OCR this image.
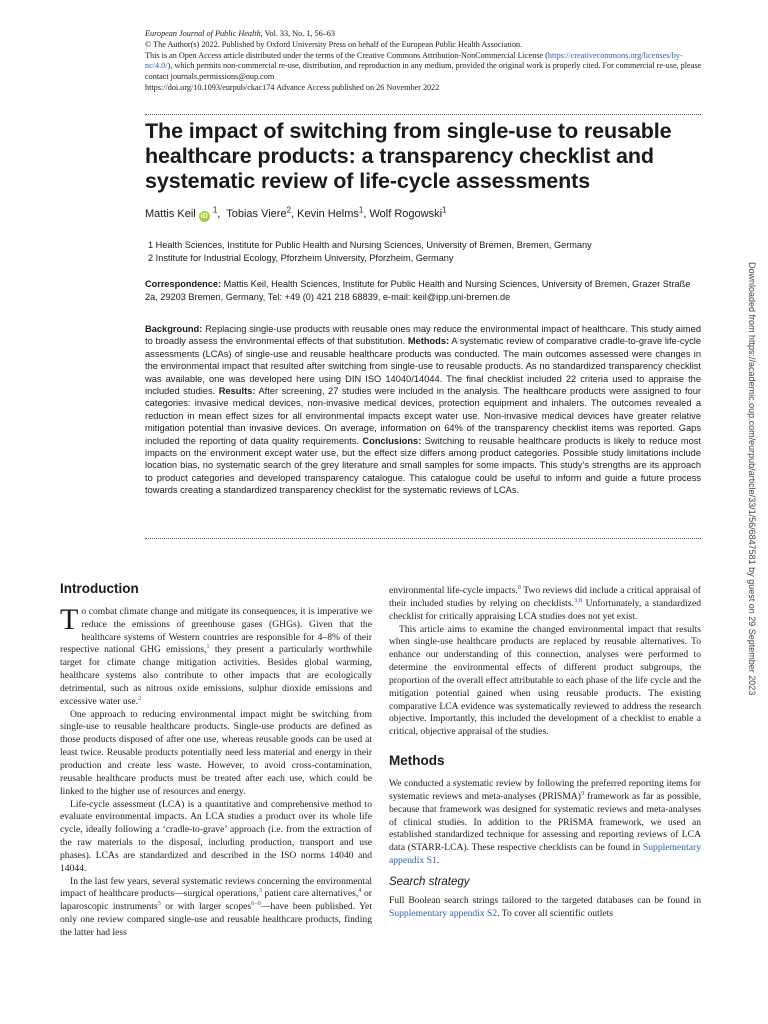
European Journal of Public Health, Vol. 33, No. 1, 56–63
© The Author(s) 2022. Published by Oxford University Press on behalf of the European Public Health Association.
This is an Open Access article distributed under the terms of the Creative Commons Attribution-NonCommercial License (https://creativecommons.org/licenses/by-nc/4.0/), which permits non-commercial re-use, distribution, and reproduction in any medium, provided the original work is properly cited. For commercial re-use, please contact journals.permissions@oup.com
https://doi.org/10.1093/eurpub/ckac174 Advance Access published on 26 November 2022
The impact of switching from single-use to reusable healthcare products: a transparency checklist and systematic review of life-cycle assessments
Mattis Keil iD $^1$,  Tobias Viere$^2$, Kevin Helms$^1$, Wolf Rogowski$^1$
1 Health Sciences, Institute for Public Health and Nursing Sciences, University of Bremen, Bremen, Germany
2 Institute for Industrial Ecology, Pforzheim University, Pforzheim, Germany
Correspondence: Mattis Keil, Health Sciences, Institute for Public Health and Nursing Sciences, University of Bremen, Grazer Straße 2a, 29203 Bremen, Germany, Tel: +49 (0) 421 218 68839, e-mail: keil@ipp.uni-bremen.de

Background: Replacing single-use products with reusable ones may reduce the environmental impact of healthcare. This study aimed to broadly assess the environmental effects of that substitution. Methods: A systematic review of comparative cradle-to-grave life-cycle assessments (LCAs) of single-use and reusable healthcare products was conducted. The main outcomes assessed were changes in the environmental impact that resulted after switching from single-use to reusable products. As no standardized transparency checklist was available, one was developed here using DIN ISO 14040/14044. The final checklist included 22 criteria used to appraise the included studies. Results: After screening, 27 studies were included in the analysis. The healthcare products were assigned to four categories: invasive medical devices, non-invasive medical devices, protection equipment and inhalers. The outcomes revealed a reduction in mean effect sizes for all environmental impacts except water use. Non-invasive medical devices have greater relative mitigation potential than invasive devices. On average, information on 64% of the transparency checklist items was reported. Gaps included the reporting of data quality requirements. Conclusions: Switching to reusable healthcare products is likely to reduce most impacts on the environment except water use, but the effect size differs among product categories. Possible study limitations include location bias, no systematic search of the grey literature and small samples for some impacts. This study’s strengths are its approach to product categories and developed transparency catalogue. This catalogue could be useful to inform and guide a future process towards creating a standardized transparency checklist for the systematic reviews of LCAs.

Introduction

To combat climate change and mitigate its consequences, it is imperative we reduce the emissions of greenhouse gases (GHGs). Given that the healthcare systems of Western countries are responsible for 4–8% of their respective national GHG emissions,$^1$ they present a particularly worthwhile target for climate change mitigation activities. Besides global warming, healthcare systems also contribute to other impacts that are ecologically detrimental, such as nitrous oxide emissions, sulphur dioxide emissions and excessive water use.$^2$

One approach to reducing environmental impact might be switching from single-use to reusable healthcare products. Single-use products are defined as those products disposed of after one use, whereas reusable goods can be used at least twice. Reusable products potentially need less material and energy in their production and create less waste. However, to avoid cross-contamination, reusable healthcare products must be treated after each use, which could be linked to the higher use of resources and energy.

Life-cycle assessment (LCA) is a quantitative and comprehensive method to evaluate environmental impacts. An LCA studies a product over its whole life cycle, ideally following a ‘cradle-to-grave’ approach (i.e. from the extraction of the raw materials to the disposal, including production, transport and use phases). LCAs are standardized and described in the ISO norms 14040 and 14044.

In the last few years, several systematic reviews concerning the environmental impact of healthcare products—surgical operations,$^3$ patient care alternatives,$^4$ or laparoscopic instruments$^5$ or with larger scopes$^{6-8}$—have been published. Yet only one review compared single-use and reusable healthcare products, finding the latter had less

environmental life-cycle impacts.$^8$ Two reviews did include a critical appraisal of their included studies by relying on checklists.$^{3,8}$ Unfortunately, a standardized checklist for critically appraising LCA studies does not yet exist.

This article aims to examine the changed environmental impact that results when single-use healthcare products are replaced by reusable alternatives. To enhance our understanding of this connection, analyses were performed to determine the environmental effects of different product subgroups, the proportion of the overall effect attributable to each phase of the life cycle and the mitigation potential gained when using reusable products. The existing comparative LCA evidence was systematically reviewed to address the research objective. Importantly, this included the development of a checklist to enable a critical, objective appraisal of the studies.

Methods

We conducted a systematic review by following the preferred reporting items for systematic reviews and meta-analyses (PRISMA)$^9$ framework as far as possible, because that framework was designed for systematic reviews and meta-analyses of clinical studies. In addition to the PRISMA framework, we used an established standardized technique for assessing and reporting reviews of LCA data (STARR-LCA). These respective checklists can be found in Supplementary appendix S1.

Search strategy

Full Boolean search strings tailored to the targeted databases can be found in Supplementary appendix S2. To cover all scientific outlets

Downloaded from https://academic.oup.com/eurpub/article/33/1/56/6847581 by guest on 29 September 2023
